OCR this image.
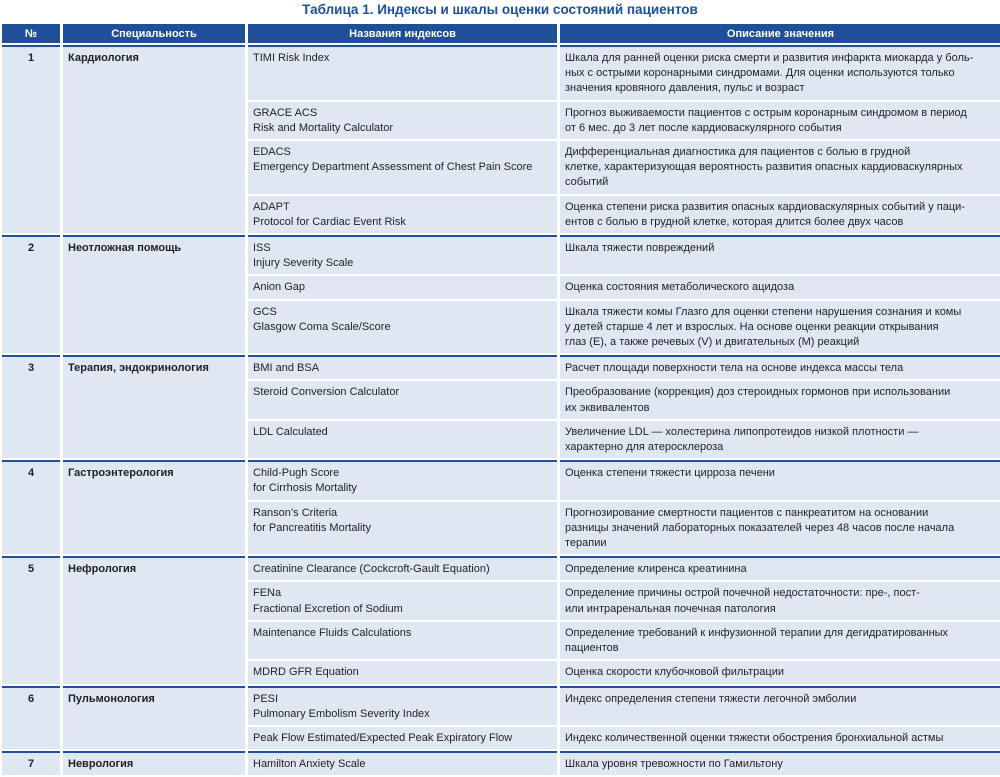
Таблица 1. Индексы и шкалы оценки состояний пациентов
№	Специальность	Названия индексов	Описание значения
1	Кардиология	TIMI Risk Index	Шкала для ранней оценки риска смерти и развития инфаркта миокарда у боль-
ных с острыми коронарными синдромами. Для оценки используются только
значения кровяного давления, пульс и возраст

		GRACE ACS
Risk and Mortality Calculator	Прогноз выживаемости пациентов с острым коронарным синдромом в период
от 6 мес. до 3 лет после кардиоваскулярного события

		EDACS
Emergency Department Assessment of Chest Pain Score	Дифференциальная диагностика для пациентов с болью в грудной
клетке, характеризующая вероятность развития опасных кардиоваскулярных
событий

		ADAPT
Protocol for Cardiac Event Risk	Оценка степени риска развития опасных кардиоваскулярных событий у паци-
ентов с болью в грудной клетке, которая длится более двух часов

2	Неотложная помощь	ISS
Injury Severity Scale	Шкала тяжести повреждений

		Anion Gap	Оценка состояния метаболического ацидоза

		GCS
Glasgow Coma Scale/Score	Шкала тяжести комы Глазго для оценки степени нарушения сознания и комы
у детей старше 4 лет и взрослых. На основе оценки реакции открывания
глаз (E), а также речевых (V) и двигательных (M) реакций

3	Терапия, эндокринология	BMI and BSA	Расчет площади поверхности тела на основе индекса массы тела

		Steroid Conversion Calculator	Преобразование (коррекция) доз стероидных гормонов при использовании
их эквивалентов

		LDL Calculated	Увеличение LDL — холестерина липопротеидов низкой плотности —
характерно для атеросклероза

4	Гастроэнтерология	Child-Pugh Score
for Cirrhosis Mortality	Оценка степени тяжести цирроза печени

		Ranson’s Criteria
for Pancreatitis Mortality	Прогнозирование смертности пациентов с панкреатитом на основании
разницы значений лабораторных показателей через 48 часов после начала
терапии

5	Нефрология	Creatinine Clearance (Cockcroft-Gault Equation)	Определение клиренса креатинина

		FENa
Fractional Excretion of Sodium	Определение причины острой почечной недостаточности: пре-, пост-
или интраренальная почечная патология

		Maintenance Fluids Calculations	Определение требований к инфузионной терапии для дегидратированных
пациентов

		MDRD GFR Equation	Оценка скорости клубочковой фильтрации

6	Пульмонология	PESI
Pulmonary Embolism Severity Index	Индекс определения степени тяжести легочной эмболии

		Peak Flow Estimated/Expected Peak Expiratory Flow	Индекс количественной оценки тяжести обострения бронхиальной астмы

7	Неврология	Hamilton Anxiety Scale	Шкала уровня тревожности по Гамильтону
